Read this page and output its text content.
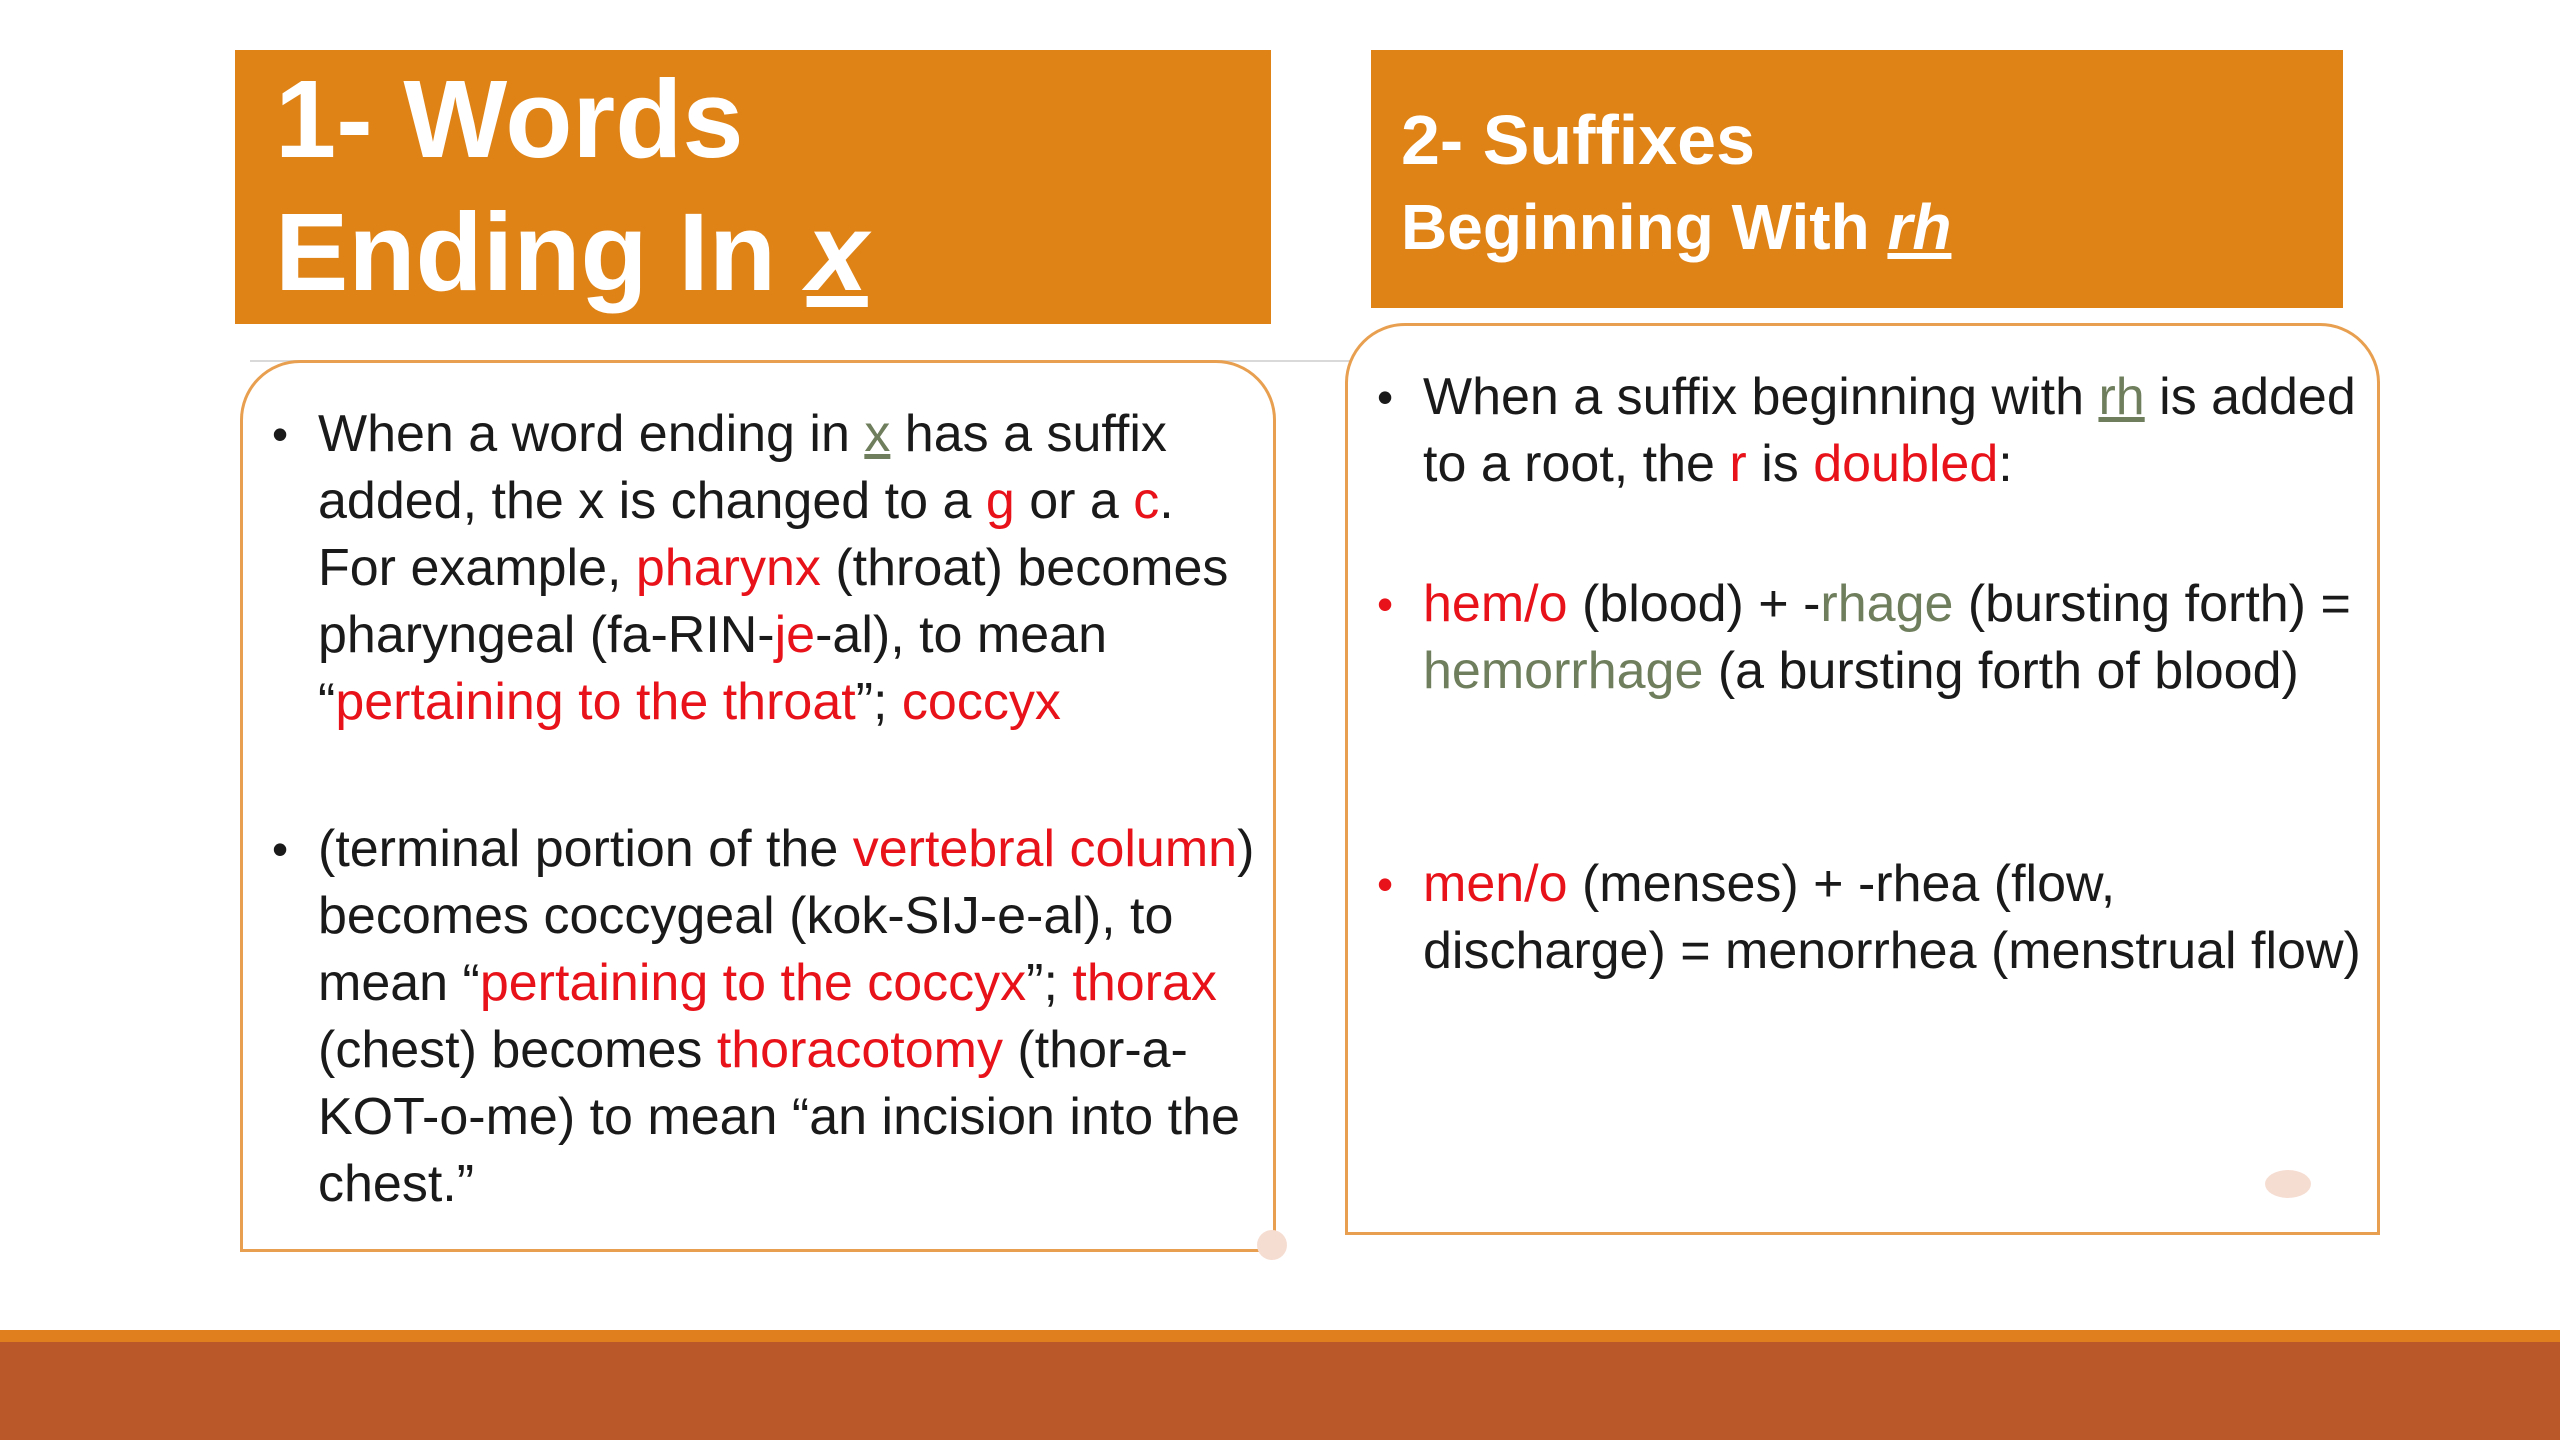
1- Words
Ending In x
2- Suffixes
Beginning With rh

• When a word ending in x has a suffix added, the x is changed to a g or a c. For example, pharynx (throat) becomes pharyngeal (fa-RIN-je-al), to mean “pertaining to the throat”; coccyx

• (terminal portion of the vertebral column) becomes coccygeal (kok-SIJ-e-al), to mean “pertaining to the coccyx”; thorax (chest) becomes thoracotomy (thor-a-KOT-o-me) to mean “an incision into the chest.”

• When a suffix beginning with rh is added to a root, the r is doubled:

• hem/o (blood) + -rhage (bursting forth) = hemorrhage (a bursting forth of blood)

• men/o (menses) + -rhea (flow, discharge) = menorrhea (menstrual flow)
